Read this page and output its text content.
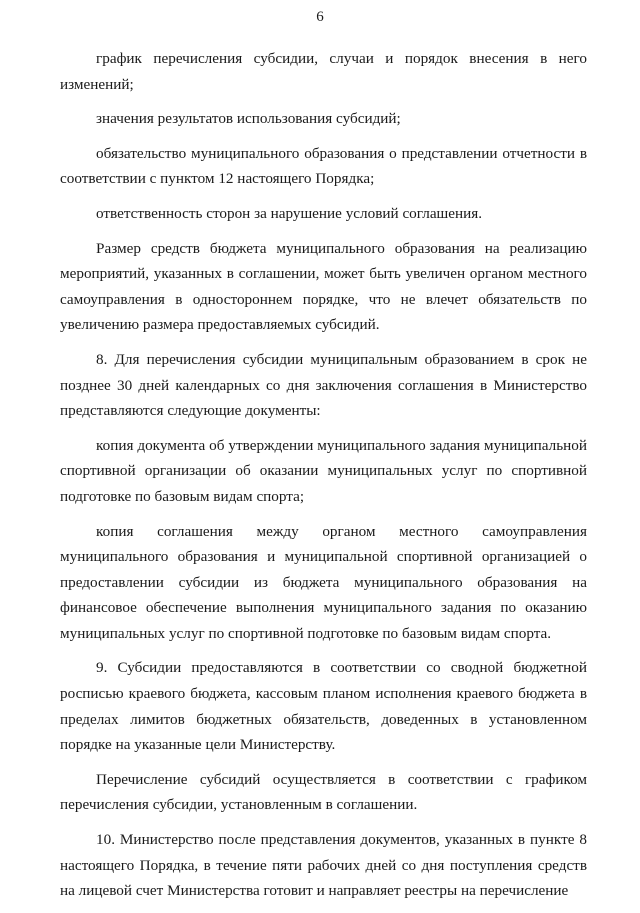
6

график перечисления субсидии, случаи и порядок внесения в него изменений;

значения результатов использования субсидий;

обязательство муниципального образования о представлении отчетности в соответствии с пунктом 12 настоящего Порядка;

ответственность сторон за нарушение условий соглашения.

Размер средств бюджета муниципального образования на реализацию мероприятий, указанных в соглашении, может быть увеличен органом местного самоуправления в одностороннем порядке, что не влечет обязательств по увеличению размера предоставляемых субсидий.

8. Для перечисления субсидии муниципальным образованием в срок не позднее 30 дней календарных со дня заключения соглашения в Министерство представляются следующие документы:

копия документа об утверждении муниципального задания муниципальной спортивной организации об оказании муниципальных услуг по спортивной подготовке по базовым видам спорта;

копия соглашения между органом местного самоуправления муниципального образования и муниципальной спортивной организацией о предоставлении субсидии из бюджета муниципального образования на финансовое обеспечение выполнения муниципального задания по оказанию муниципальных услуг по спортивной подготовке по базовым видам спорта.

9. Субсидии предоставляются в соответствии со сводной бюджетной росписью краевого бюджета, кассовым планом исполнения краевого бюджета в пределах лимитов бюджетных обязательств, доведенных в установленном порядке на указанные цели Министерству.

Перечисление субсидий осуществляется в соответствии с графиком перечисления субсидии, установленным в соглашении.

10. Министерство после представления документов, указанных в пункте 8 настоящего Порядка, в течение пяти рабочих дней со дня поступления средств на лицевой счет Министерства готовит и направляет реестры на перечисление
